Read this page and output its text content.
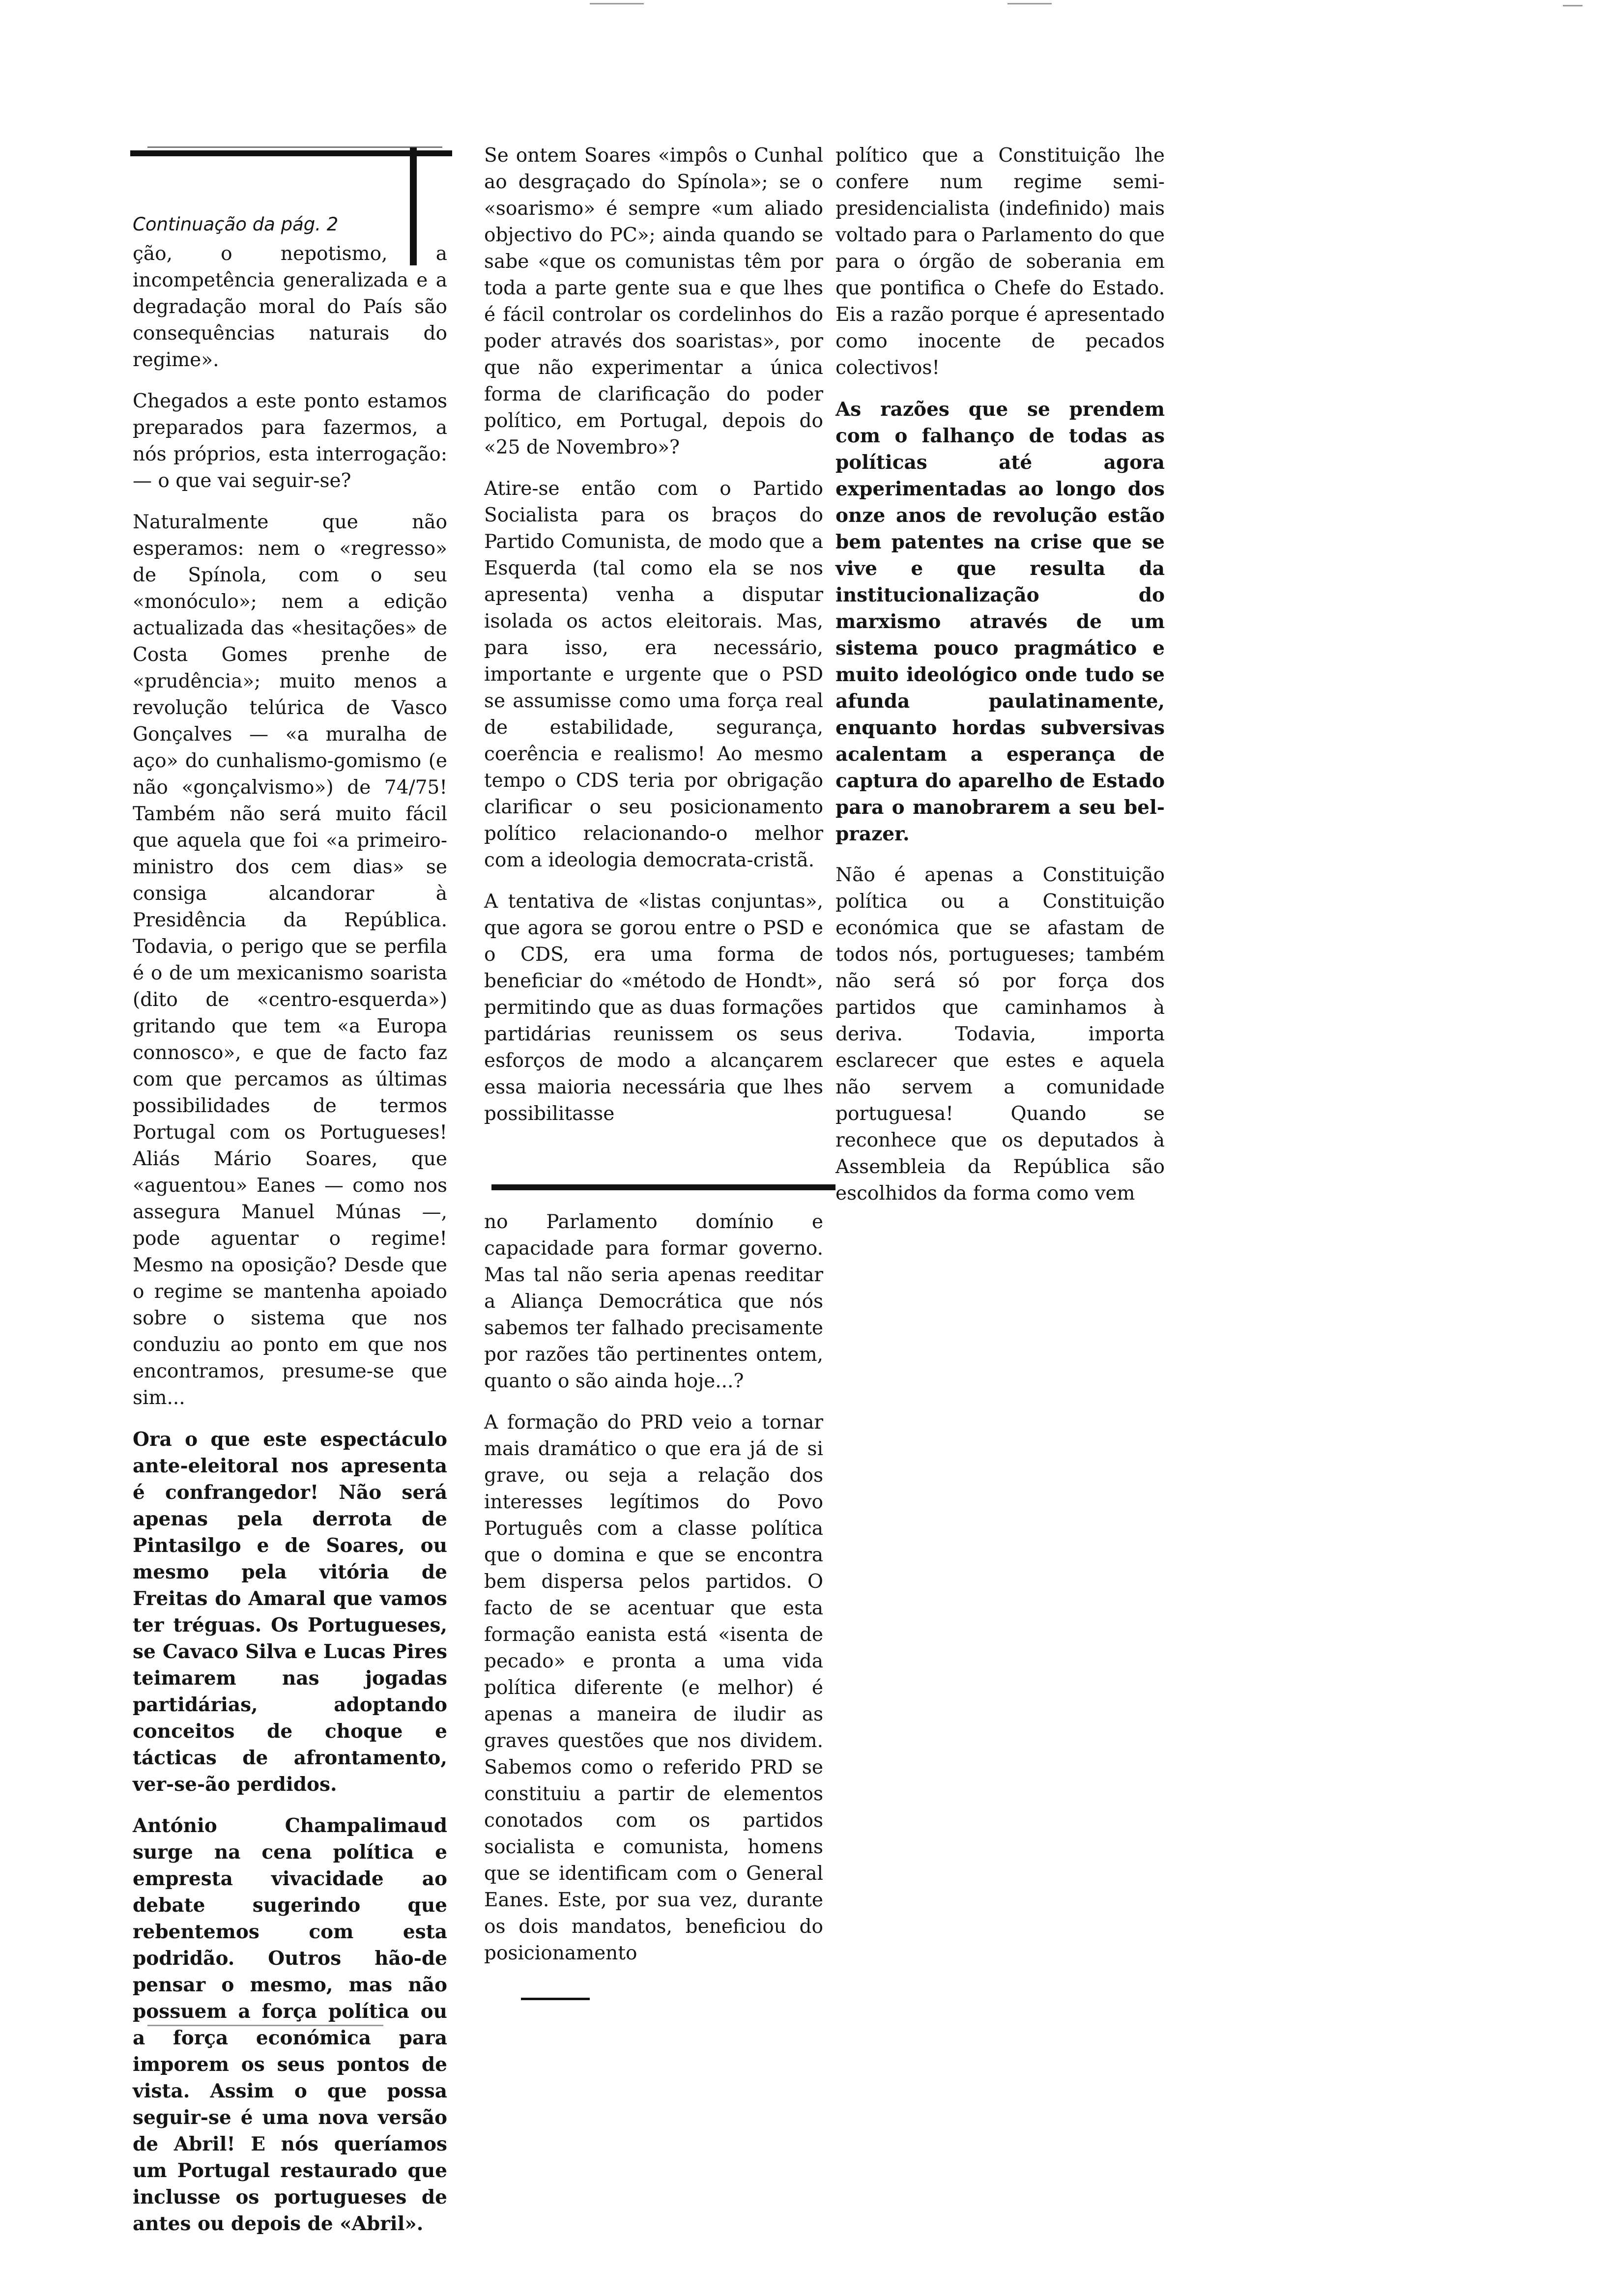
Continuação da pág. 2

ção, o nepotismo, a incompetência generalizada e a degradação moral do País são consequências naturais do regime».

Chegados a este ponto estamos preparados para fazermos, a nós próprios, esta interrogação: — o que vai seguir-se?

Naturalmente que não esperamos: nem o «regresso» de Spínola, com o seu «monóculo»; nem a edição actualizada das «hesitações» de Costa Gomes prenhe de «prudência»; muito menos a revolução telúrica de Vasco Gonçalves — «a muralha de aço» do cunhalismo-gomismo (e não «gonçalvismo») de 74/75! Também não será muito fácil que aquela que foi «a primeiro-ministro dos cem dias» se consiga alcandorar à Presidência da República. Todavia, o perigo que se perfila é o de um mexicanismo soarista (dito de «centro-esquerda») gritando que tem «a Europa connosco», e que de facto faz com que percamos as últimas possibilidades de termos Portugal com os Portugueses! Aliás Mário Soares, que «aguentou» Eanes — como nos assegura Manuel Múnas —, pode aguentar o regime! Mesmo na oposição? Desde que o regime se mantenha apoiado sobre o sistema que nos conduziu ao ponto em que nos encontramos, presume-se que sim...

Ora o que este espectáculo ante-eleitoral nos apresenta é confrangedor! Não será apenas pela derrota de Pintasilgo e de Soares, ou mesmo pela vitória de Freitas do Amaral que vamos ter tréguas. Os Portugueses, se Cavaco Silva e Lucas Pires teimarem nas jogadas partidárias, adoptando conceitos de choque e tácticas de afrontamento, ver-se-ão perdidos.

António Champalimaud surge na cena política e empresta vivacidade ao debate sugerindo que rebentemos com esta podridão. Outros hão-de pensar o mesmo, mas não possuem a força política ou a força económica para imporem os seus pontos de vista. Assim o que possa seguir-se é uma nova versão de Abril! E nós queríamos um Portugal restaurado que inclusse os portugueses de antes ou depois de «Abril».

Se ontem Soares «impôs o Cunhal ao desgraçado do Spínola»; se o «soarismo» é sempre «um aliado objectivo do PC»; ainda quando se sabe «que os comunistas têm por toda a parte gente sua e que lhes é fácil controlar os cordelinhos do poder através dos soaristas», por que não experimentar a única forma de clarificação do poder político, em Portugal, depois do «25 de Novembro»?

Atire-se então com o Partido Socialista para os braços do Partido Comunista, de modo que a Esquerda (tal como ela se nos apresenta) venha a disputar isolada os actos eleitorais. Mas, para isso, era necessário, importante e urgente que o PSD se assumisse como uma força real de estabilidade, segurança, coerência e realismo! Ao mesmo tempo o CDS teria por obrigação clarificar o seu posicionamento político relacionando-o melhor com a ideologia democrata-cristã.

A tentativa de «listas conjuntas», que agora se gorou entre o PSD e o CDS, era uma forma de beneficiar do «método de Hondt», permitindo que as duas formações partidárias reunissem os seus esforços de modo a alcançarem essa maioria necessária que lhes possibilitasse

no Parlamento domínio e capacidade para formar governo. Mas tal não seria apenas reeditar a Aliança Democrática que nós sabemos ter falhado precisamente por razões tão pertinentes ontem, quanto o são ainda hoje...?

A formação do PRD veio a tornar mais dramático o que era já de si grave, ou seja a relação dos interesses legítimos do Povo Português com a classe política que o domina e que se encontra bem dispersa pelos partidos. O facto de se acentuar que esta formação eanista está «isenta de pecado» e pronta a uma vida política diferente (e melhor) é apenas a maneira de iludir as graves questões que nos dividem. Sabemos como o referido PRD se constituiu a partir de elementos conotados com os partidos socialista e comunista, homens que se identificam com o General Eanes. Este, por sua vez, durante os dois mandatos, beneficiou do posicionamento

político que a Constituição lhe confere num regime semi-presidencialista (indefinido) mais voltado para o Parlamento do que para o órgão de soberania em que pontifica o Chefe do Estado. Eis a razão porque é apresentado como inocente de pecados colectivos!

As razões que se prendem com o falhanço de todas as políticas até agora experimentadas ao longo dos onze anos de revolução estão bem patentes na crise que se vive e que resulta da institucionalização do marxismo através de um sistema pouco pragmático e muito ideológico onde tudo se afunda paulatinamente, enquanto hordas subversivas acalentam a esperança de captura do aparelho de Estado para o manobrarem a seu bel-prazer.

Não é apenas a Constituição política ou a Constituição económica que se afastam de todos nós, portugueses; também não será só por força dos partidos que caminhamos à deriva. Todavia, importa esclarecer que estes e aquela não servem a comunidade portuguesa! Quando se reconhece que os deputados à Assembleia da República são escolhidos da forma como vem
